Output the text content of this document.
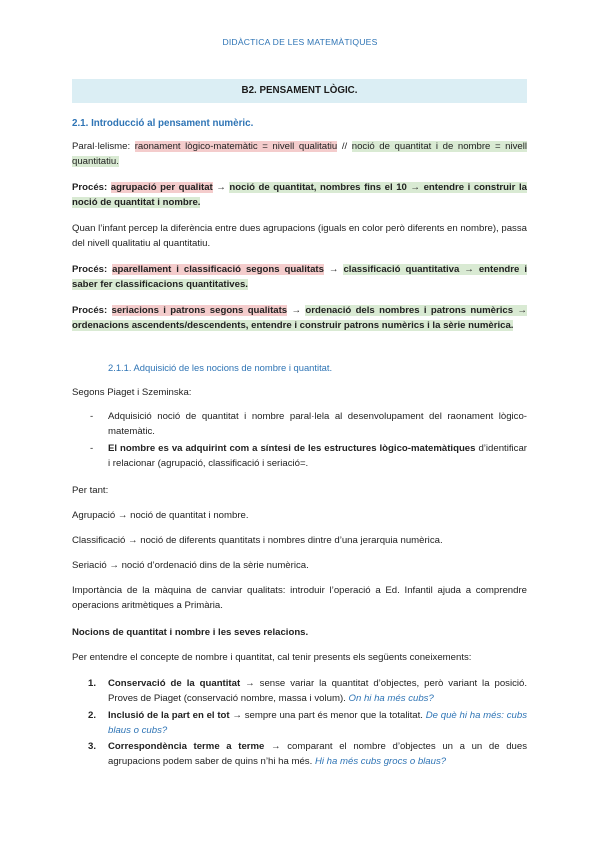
DIDÀCTICA DE LES MATEMÀTIQUES
B2. PENSAMENT LÒGIC.
2.1. Introducció al pensament numèric.
Paral·lelisme: raonament lògico-matemàtic = nivell qualitatiu // noció de quantitat i de nombre = nivell quantitatiu.
Procés: agrupació per qualitat → noció de quantitat, nombres fins el 10 → entendre i construir la noció de quantitat i nombre.
Quan l’infant percep la diferència entre dues agrupacions (iguals en color però diferents en nombre), passa del nivell qualitatiu al quantitatiu.
Procés: aparellament i classificació segons qualitats → classificació quantitativa → entendre i saber fer classificacions quantitatives.
Procés: seriacions i patrons segons qualitats → ordenació dels nombres i patrons numèrics → ordenacions ascendents/descendents, entendre i construir patrons numèrics i la sèrie numèrica.
2.1.1. Adquisició de les nocions de nombre i quantitat.
Segons Piaget i Szeminska:
- Adquisició noció de quantitat i nombre paral·lela al desenvolupament del raonament lògico-matemàtic.
- El nombre es va adquirint com a síntesi de les estructures lògico-matemàtiques d’identificar i relacionar (agrupació, classificació i seriació=.
Per tant:
Agrupació → noció de quantitat i nombre.
Classificació → noció de diferents quantitats i nombres dintre d’una jerarquia numèrica.
Seriació → noció d’ordenació dins de la sèrie numèrica.
Importància de la màquina de canviar qualitats: introduir l’operació a Ed. Infantil ajuda a comprendre operacions aritmètiques a Primària.
Nocions de quantitat i nombre i les seves relacions.
Per entendre el concepte de nombre i quantitat, cal tenir presents els següents coneixements:
1. Conservació de la quantitat → sense variar la quantitat d’objectes, però variant la posició. Proves de Piaget (conservació nombre, massa i volum). On hi ha més cubs?
2. Inclusió de la part en el tot → sempre una part és menor que la totalitat. De què hi ha més: cubs blaus o cubs?
3. Correspondència terme a terme → comparant el nombre d’objectes un a un de dues agrupacions podem saber de quins n’hi ha més. Hi ha més cubs grocs o blaus?
